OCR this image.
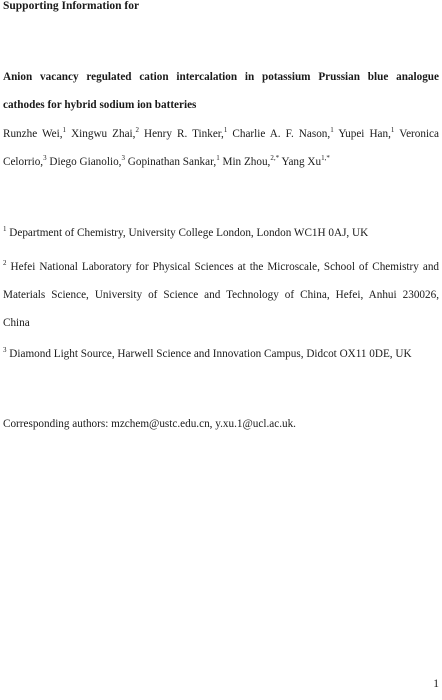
Supporting Information for
Anion vacancy regulated cation intercalation in potassium Prussian blue analogue
cathodes for hybrid sodium ion batteries
Runzhe Wei,$^1$ Xingwu Zhai,$^2$ Henry R. Tinker,$^1$ Charlie A. F. Nason,$^1$ Yupei Han,$^1$ Veronica
Celorrio,$^3$ Diego Gianolio,$^3$ Gopinathan Sankar,$^1$ Min Zhou,$^{2,*}$ Yang $Xu^{1,*}$
$^1$ Department of Chemistry, University College London, London WC1H 0AJ, UK
$^2$ Hefei National Laboratory for Physical Sciences at the Microscale, School of Chemistry and
Materials Science, University of Science and Technology of China, Hefei, Anhui 230026,
China
$^3$ Diamond Light Source, Harwell Science and Innovation Campus, Didcot OX11 0DE, UK
Corresponding authors: mzchem@ustc.edu.cn, y.xu.1@ucl.ac.uk.
1
